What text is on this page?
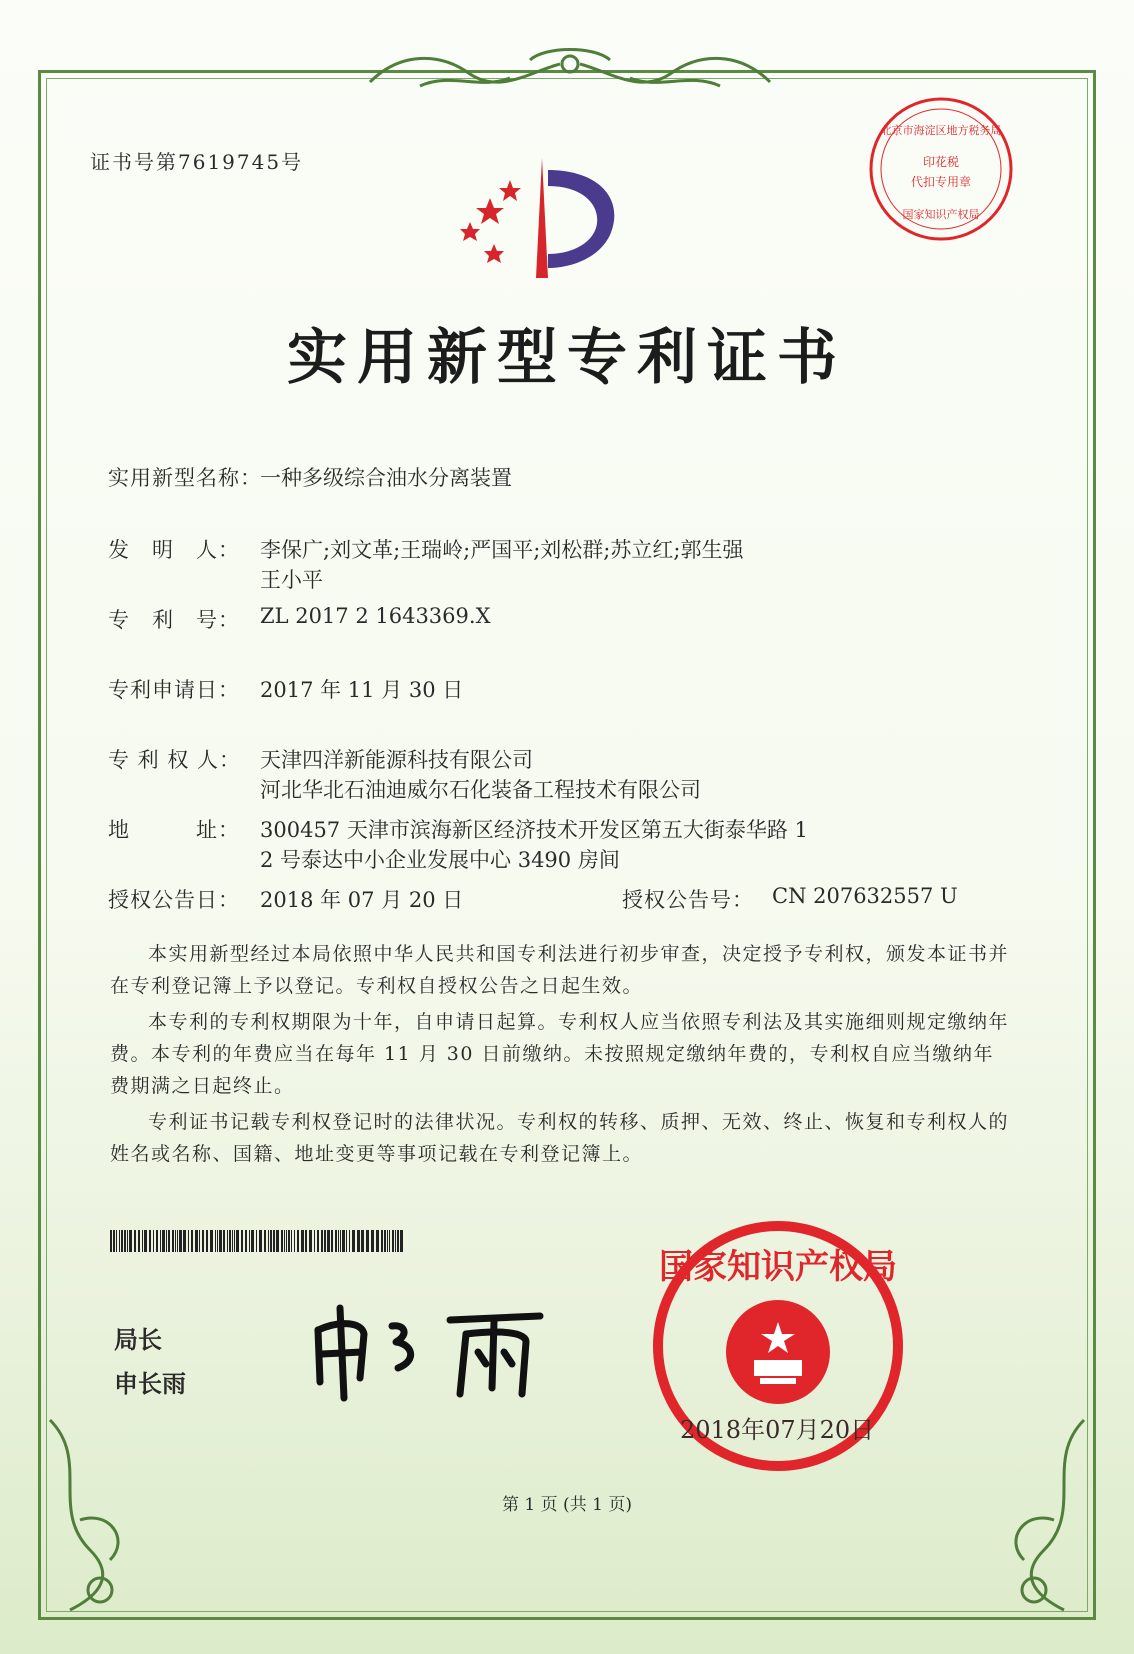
证书号第7619745号
北京市海淀区地方税务局
印花税
代扣专用章
国家知识产权局
实用新型专利证书
实用新型名称：
一种多级综合油水分离装置
发　明　人： 李保广;刘文革;王瑞岭;严国平;刘松群;苏立红;郭生强
王小平
专　利　号： ZL 2017 2 1643369.X
专利申请日： 2017 年 11 月 30 日
专 利 权 人： 天津四洋新能源科技有限公司
河北华北石油迪威尔石化装备工程技术有限公司
地　　　址： 300457 天津市滨海新区经济技术开发区第五大街泰华路 1
2 号泰达中小企业发展中心 3490 房间
授权公告日： 2018 年 07 月 20 日	授权公告号： CN 207632557 U
本实用新型经过本局依照中华人民共和国专利法进行初步审查，决定授予专利权，颁发本证书并在专利登记簿上予以登记。专利权自授权公告之日起生效。
本专利的专利权期限为十年，自申请日起算。专利权人应当依照专利法及其实施细则规定缴纳年费。本专利的年费应当在每年 11 月 30 日前缴纳。未按照规定缴纳年费的，专利权自应当缴纳年费期满之日起终止。
专利证书记载专利权登记时的法律状况。专利权的转移、质押、无效、终止、恢复和专利权人的姓名或名称、国籍、地址变更等事项记载在专利登记簿上。
局长
申长雨
国家知识产权局
2018年07月20日
第 1 页 (共 1 页)
